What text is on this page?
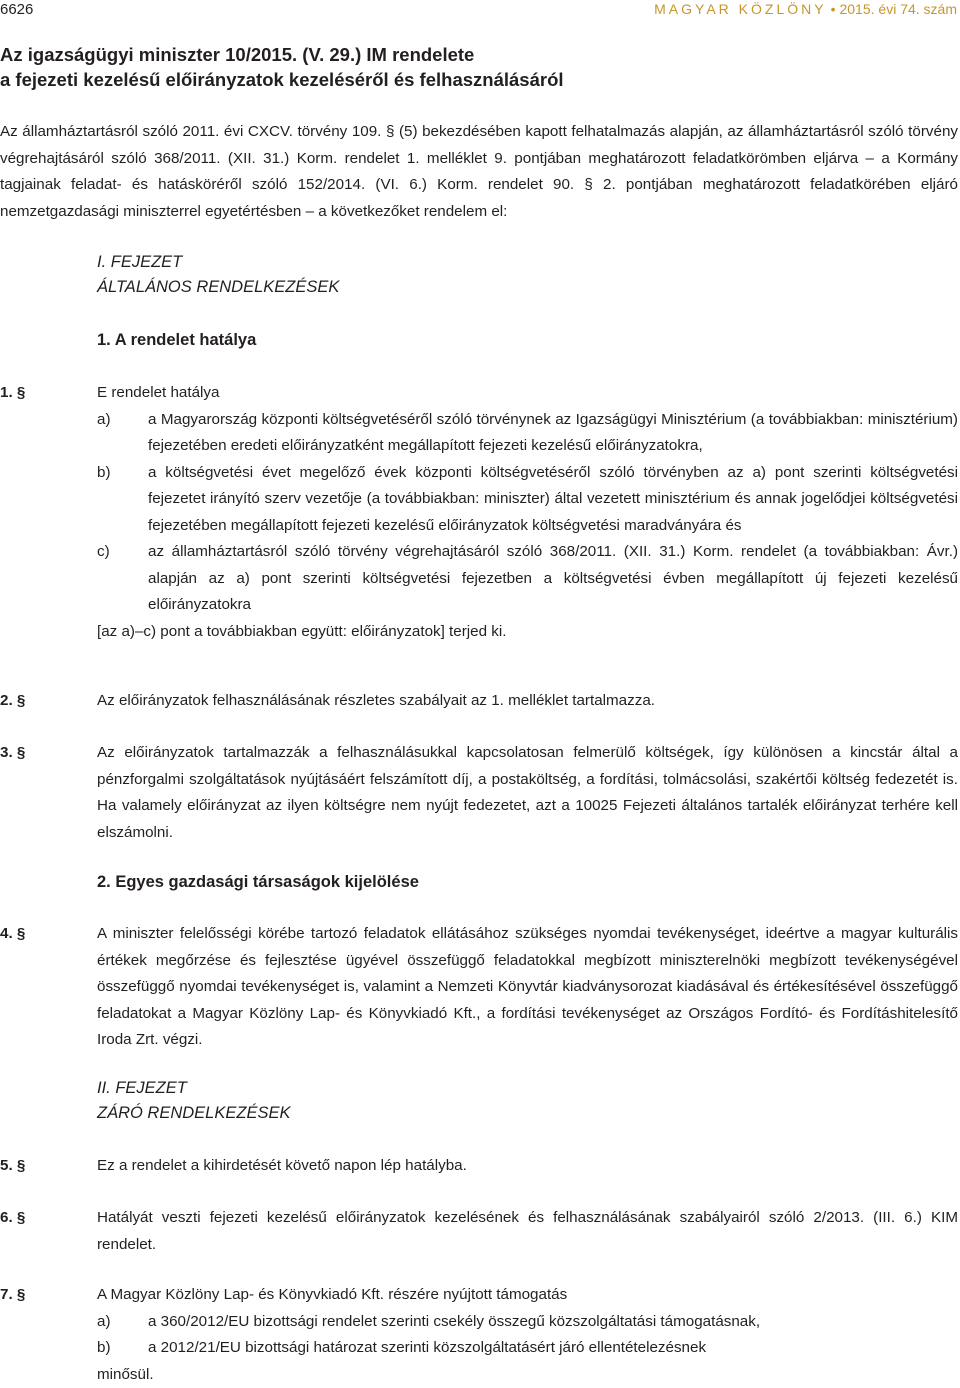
6626	MAGYAR KÖZLÖNY • 2015. évi 74. szám
Az igazságügyi miniszter 10/2015. (V. 29.) IM rendelete
a fejezeti kezelésű előirányzatok kezeléséről és felhasználásáról
Az államháztartásról szóló 2011. évi CXCV. törvény 109. § (5) bekezdésében kapott felhatalmazás alapján, az államháztartásról szóló törvény végrehajtásáról szóló 368/2011. (XII. 31.) Korm. rendelet 1. melléklet 9. pontjában meghatározott feladatkörömben eljárva – a Kormány tagjainak feladat- és hatásköréről szóló 152/2014. (VI. 6.) Korm. rendelet 90. § 2. pontjában meghatározott feladatkörében eljáró nemzetgazdasági miniszterrel egyetértésben – a következőket rendelem el:
I. FEJEZET
ÁLTALÁNOS RENDELKEZÉSEK
1. A rendelet hatálya
1. §	E rendelet hatálya
a) a Magyarország központi költségvetéséről szóló törvénynek az Igazságügyi Minisztérium (a továbbiakban: minisztérium) fejezetében eredeti előirányzatként megállapított fejezeti kezelésű előirányzatokra,
b) a költségvetési évet megelőző évek központi költségvetéséről szóló törvényben az a) pont szerinti költségvetési fejezetet irányító szerv vezetője (a továbbiakban: miniszter) által vezetett minisztérium és annak jogelődjei költségvetési fejezetében megállapított fejezeti kezelésű előirányzatok költségvetési maradványára és
c)	az államháztartásról szóló törvény végrehajtásáról szóló 368/2011. (XII. 31.) Korm. rendelet (a továbbiakban: Ávr.) alapján az a) pont szerinti költségvetési fejezetben a költségvetési évben megállapított új fejezeti kezelésű előirányzatokra
[az a)–c) pont a továbbiakban együtt: előirányzatok] terjed ki.
2. §	Az előirányzatok felhasználásának részletes szabályait az 1. melléklet tartalmazza.
3. §	Az előirányzatok tartalmazzák a felhasználásukkal kapcsolatosan felmerülő költségek, így különösen a kincstár által a pénzforgalmi szolgáltatások nyújtásáért felszámított díj, a postaköltség, a fordítási, tolmácsolási, szakértői költség fedezetét is. Ha valamely előirányzat az ilyen költségre nem nyújt fedezetet, azt a 10025 Fejezeti általános tartalék előirányzat terhére kell elszámolni.
2. Egyes gazdasági társaságok kijelölése
4. §	A miniszter felelősségi körébe tartozó feladatok ellátásához szükséges nyomdai tevékenységet, ideértve a magyar kulturális értékek megőrzése és fejlesztése ügyével összefüggő feladatokkal megbízott miniszterelnöki megbízott tevékenységével összefüggő nyomdai tevékenységet is, valamint a Nemzeti Könyvtár kiadványsorozat kiadásával és értékesítésével összefüggő feladatokat a Magyar Közlöny Lap- és Könyvkiadó Kft., a fordítási tevékenységet az Országos Fordító- és Fordításhitelesítő Iroda Zrt. végzi.
II. FEJEZET
ZÁRÓ RENDELKEZÉSEK
5. §	Ez a rendelet a kihirdetését követő napon lép hatályba.
6. §	Hatályát veszti fejezeti kezelésű előirányzatok kezelésének és felhasználásának szabályairól szóló 2/2013. (III. 6.) KIM rendelet.
7. §	A Magyar Közlöny Lap- és Könyvkiadó Kft. részére nyújtott támogatás
a) a 360/2012/EU bizottsági rendelet szerinti csekély összegű közszolgáltatási támogatásnak,
b) a 2012/21/EU bizottsági határozat szerinti közszolgáltatásért járó ellentételezésnek
minősül.
